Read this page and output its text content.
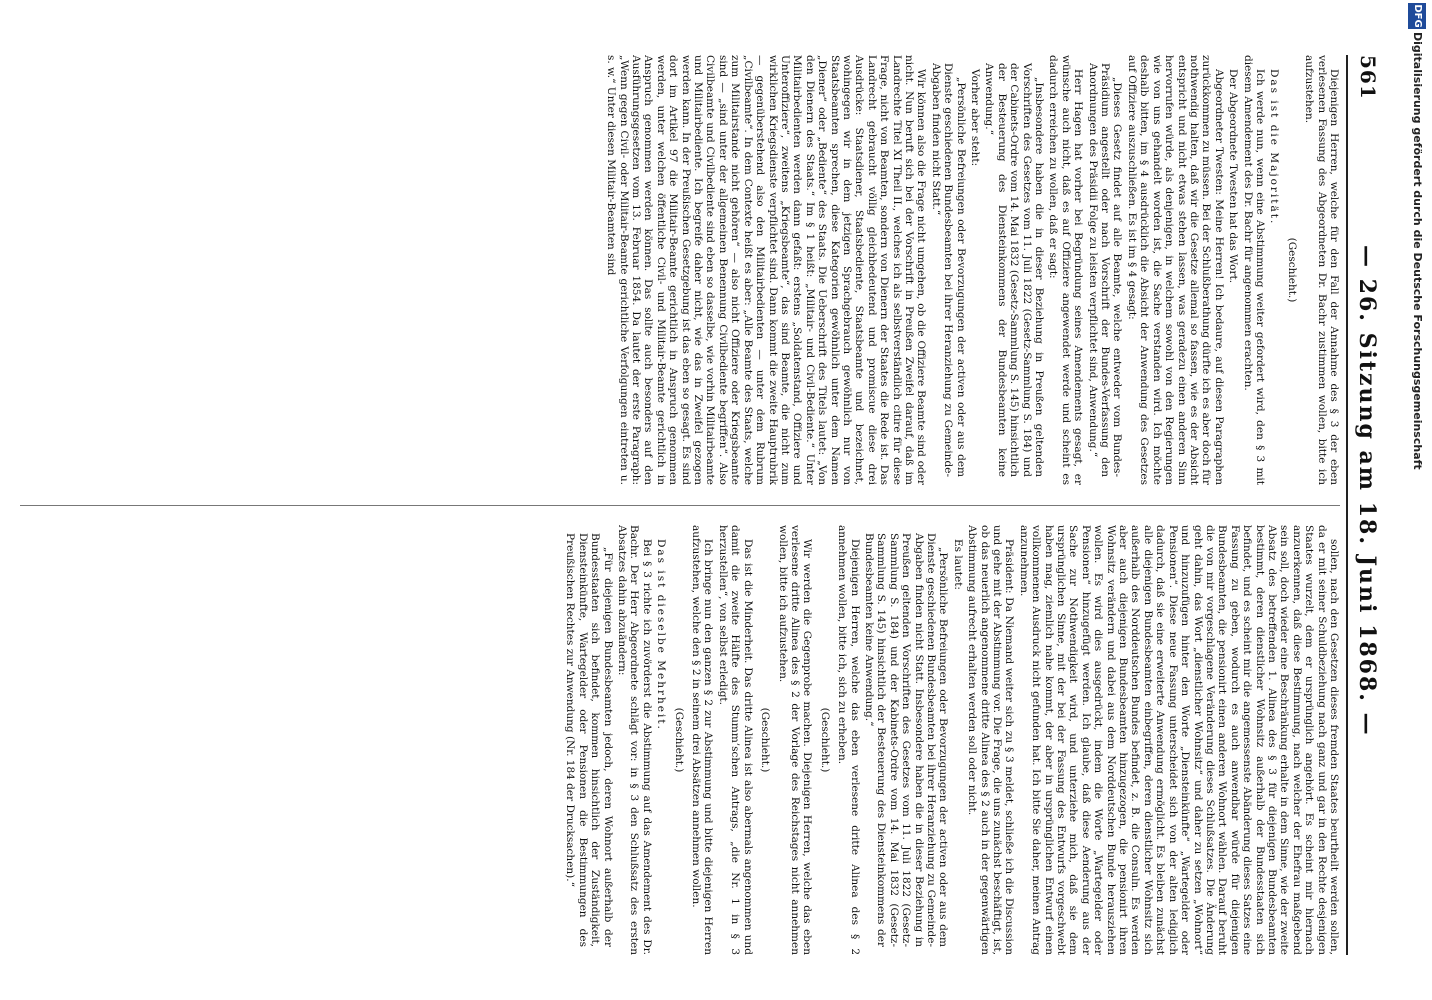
DFG
Digitalisierung gefördert durch die Deutsche Forschungsgemeinschaft
561
— 26. Sitzung am 18. Juni 1868. —

Diejenigen Herren, welche für den Fall der Annahme des § 3 der eben verlesenen Fassung des Abgeordneten Dr. Bachr zustimmen wollen, bitte ich aufzustehen.

(Geschieht.)

Das ist die Majorität.

Ich werde nun, wenn eine Abstimmung weiter gefordert wird, den § 3 mit diesem Amendement des Dr. Bachr für angenommen erachten.

Der Abgeordnete Twesten hat das Wort.

Abgeordneter Twesten: Meine Herren! Ich bedaure, auf diesen Paragraphen zurückkommen zu müssen. Bei der Schlußberathung dürfte ich es aber doch für nothwendig halten, daß wir die Gesetze allemal so fassen, wie es der Absicht entspricht und nicht etwas stehen lassen, was geradezu einen anderen Sinn hervorrufen würde, als denjenigen, in welchem sowohl von den Regierungen wie von uns gehandelt worden ist, die Sache verstanden wird. Ich möchte deshalb bitten, im § 4 ausdrücklich die Absicht der Anwendung des Gesetzes auf Offiziere auszuschließen. Es ist im § 4 gesagt:

„Dieses Gesetz findet auf alle Beamte, welche entweder vom Bundes-Präsidium angestellt oder nach Vorschrift der Bundes-Verfassung den Anordnungen des Präsidii Folge zu leisten verpflichtet sind, Anwendung.“

Herr Hagen hat vorher bei Begründung seines Amendements gesagt, er wünsche auch nicht, daß es auf Offiziere angewendet werde und scheint es dadurch erreichen zu wollen, daß er sagt:

„Insbesondere haben die in dieser Beziehung in Preußen geltenden Vorschriften des Gesetzes vom 11. Juli 1822 (Gesetz-Sammlung S. 184) und der Cabinets-Ordre vom 14. Mai 1832 (Gesetz-Sammlung S. 145) hinsichtlich der Besteuerung des Diensteinkommens der Bundesbeamten keine Anwendung.“

Vorher aber steht:

„Persönliche Befreiungen oder Bevorzugungen der activen oder aus dem Dienste geschiedenen Bundesbeamten bei ihrer Heranziehung zu Gemeinde-Abgaben finden nicht Statt.“

Wir können also die Frage nicht umgehen, ob die Offiziere Beamte sind oder nicht. Nun beruft sich bei der Vorschrift in Preußen Zweifel darauf, daß im Landrechte Titel XI Theil II., welches ich als selbstverständlich citire für diese Frage, nicht von Beamten, sondern von Dienern der Staates die Rede ist. Das Landrecht gebraucht völlig gleichbedeutend und promiscue diese drei Ausdrücke: Staatsdiener, Staatsbediente, Staatsbeamte und bezeichnet, wohingegen wir in dem jetzigen Sprachgebrauch gewöhnlich nur von Staatsbeamten sprechen, diese Kategorien gewöhnlich unter dem Namen „Diener“ oder „Bediente“ des Staats. Die Ueberschrift des Titels lautet: „Von den Dienern des Staats.“ Im § 1 heißt: „Militair- und Civil-Bediente.“ Unter Militairbedienten werden dann gefaßt: erstens „Soldatenstand, Offiziere und Unteroffiziere“, zweitens „Kriegsbeamte“, das sind Beamte, die nicht zum wirklichen Kriegsdienste verpflichtet sind. Dann kommt die zweite Hauptrubrik — gegenüberstehend also den Militairbedienten — unter dem Rubrum „Civilbeamte“. In dem Contexte heißt es aber: „Alle Beamte des Staats, welche zum Militairstande nicht gehören“ — also nicht Offiziere oder Kriegsbeamte sind — „sind unter der allgemeinen Benennung Civilbediente begriffen“. Also Civilbeamte und Civilbediente sind eben so dasselbe, wie vorhin Militairbeamte und Militairbediente. Ich begreife daher nicht, wie das in Zweifel gezogen werden kann. In der Preußischen Gesetzgebung ist das eben so gesagt. Es sind dort im Artikel 97 die Militair-Beamte gerichtlich in Anspruch genommen werden, unter welchen öffentliche Civil- und Militair-Beamte gerichtlich in Anspruch genommen werden können. Das sollte auch besonders auf den Ausführungsgesetzen vom 13. Februar 1854. Da lautet der erste Paragraph: „Wenn gegen Civil- oder Militair-Beamte gerichtliche Verfolgungen eintreten u. s. w.“ Unter diesen Militair-Beamten sind

sollen, nach den Gesetzen dieses fremden Staates beurtheilt werden sollen, da er mit seiner Schuldbeziehung nach ganz und gar in den Rechte desjenigen Staates wurzelt, dem er ursprünglich angehört. Es scheint mir hiernach anzuerkennen, daß diese Bestimmung, nach welcher der Ehefrau maßgebend sein soll, doch wieder eine Beschränkung erhalte in dem Sinne, wie der zweite Absatz des betreffenden 1. Alinea des § 3 für diejenigen Bundesbeamten bestimmt, deren dienstlicher Wohnsitz außerhalb der Bundesstaaten sich befindet, und es scheint mir die angemessenste Abänderung dieses Satzes eine Fassung zu geben, wodurch es auch anwendbar würde für diejenigen Bundesbeamten, die pensionirt einen anderen Wohnort wählen. Darauf beruht die von mir vorgeschlagene Veränderung dieses Schlußsatzes. Die Änderung geht dahin, das Wort „dienstlicher Wohnsitz“ und daher zu setzen „Wohnort“ und hinzuzufügen hinter den Worte „Diensteinkünfte“ „Wartegelder oder Pensionen“. Diese neue Fassung unterscheidet sich von der alten lediglich dadurch, daß sie eine erweiterte Anwendung ermöglicht. Es bleiben zunächst alle diejenigen Bundesbeamten einbegriffen, deren dienstlicher Wohnsitz sich außerhalb des Norddeutschen Bundes befindet, z. B. die Consuln. Es werden aber auch diejenigen Bundesbeamten hinzugezogen, die pensionirt ihren Wohnsitz verändern und dabei aus dem Norddeutschen Bunde herausziehen wollen. Es wird dies ausgedrückt, indem die Worte „Wartegelder oder Pensionen“ hinzugefügt werden. Ich glaube, daß diese Aenderung aus der Sache zur Nothwendigkeit wird, und unterziehe mich, daß sie dem ursprünglichen Sinne, mit der bei der Fassung des Entwurfs vorgeschwebt haben mag, ziemlich nahe kommt, der aber in ursprünglichen Entwurf einen vollkommenen Ausdruck nicht gefunden hat. Ich bitte Sie daher, meinen Antrag anzunehmen.

Präsident: Da Niemand weiter sich zu § 3 meldet, schließe ich die Discussion und gehe mit der Abstimmung vor. Die Frage, die uns zunächst beschäftigt, ist, ob das neuerlich angenommene dritte Alinea des § 2 auch in der gegenwärtigen Abstimmung aufrecht erhalten werden soll oder nicht.

Es lautet:

„Persönliche Befreiungen oder Bevorzugungen der activen oder aus dem Dienste geschiedenen Bundesbeamten bei ihrer Heranziehung zu Gemeinde-Abgaben finden nicht Statt. Insbesondere haben die in dieser Beziehung in Preußen geltenden Vorschriften des Gesetzes vom 11. Juli 1822 (Gesetz-Sammlung S. 184) und der Kabinets-Ordre vom 14. Mai 1832 (Gesetz-Sammlung S. 145) hinsichtlich der Besteuerung des Diensteinkommens der Bundesbeamten keine Anwendung.“

Diejenigen Herren, welche das eben verlesene dritte Alinea des § 2 annehmen wollen, bitte ich, sich zu erheben.

(Geschieht.)

Wir werden die Gegenprobe machen. Diejenigen Herren, welche das eben verlesene dritte Alinea des § 2 der Vorlage des Reichstages nicht annehmen wollen, bitte ich aufzustehen.

(Geschieht.)

Das ist die Minderheit. Das dritte Alinea ist also abermals angenommen und damit die zweite Hälfte des Stumm’schen Antrags, „die Nr. 1 in § 3 herzustellen“, von selbst erledigt.

Ich bringe nun den ganzen § 2 zur Abstimmung und bitte diejenigen Herren aufzustehen, welche den § 2 in seinem drei Absätzen annehmen wollen.

(Geschieht.)

Das ist dieselbe Mehrheit.

Bei § 3 richte ich zuvörderst die Abstimmung auf das Amendement des Dr. Bachr. Der Herr Abgeordnete schlägt vor: in § 3 den Schlußsatz des ersten Absatzes dahin abzuändern:

„Für diejenigen Bundesbeamten jedoch, deren Wohnort außerhalb der Bundesstaaten sich befindet, kommen hinsichtlich der Zuständigkeit, Diensteinkünfte, Wartegelder oder Pensionen die Bestimmungen des Preußischen Rechtes zur Anwendung (Nr. 184 der Drucksachen).“
